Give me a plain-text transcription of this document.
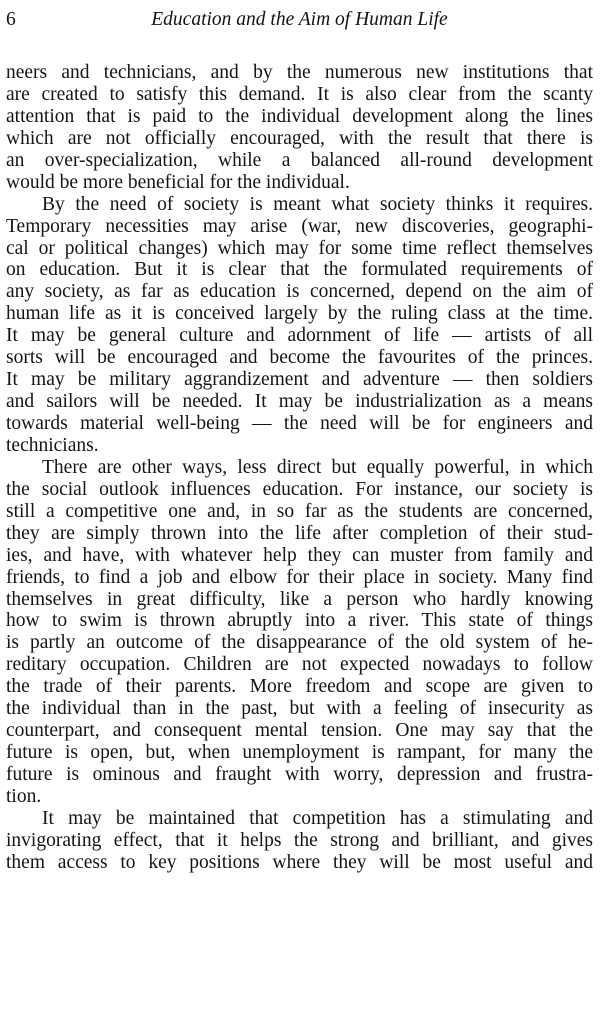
6	Education and the Aim of Human Life
neers and technicians, and by the numerous new institutions that
are created to satisfy this demand. It is also clear from the scanty
attention that is paid to the individual development along the lines
which are not officially encouraged, with the result that there is
an over-specialization, while a balanced all-round development
would be more beneficial for the individual.
By the need of society is meant what society thinks it requires.
Temporary necessities may arise (war, new discoveries, geographi-
cal or political changes) which may for some time reflect themselves
on education. But it is clear that the formulated requirements of
any society, as far as education is concerned, depend on the aim of
human life as it is conceived largely by the ruling class at the time.
It may be general culture and adornment of life — artists of all
sorts will be encouraged and become the favourites of the princes.
It may be military aggrandizement and adventure — then soldiers
and sailors will be needed. It may be industrialization as a means
towards material well-being — the need will be for engineers and
technicians.
There are other ways, less direct but equally powerful, in which
the social outlook influences education. For instance, our society is
still a competitive one and, in so far as the students are concerned,
they are simply thrown into the life after completion of their stud-
ies, and have, with whatever help they can muster from family and
friends, to find a job and elbow for their place in society. Many find
themselves in great difficulty, like a person who hardly knowing
how to swim is thrown abruptly into a river. This state of things
is partly an outcome of the disappearance of the old system of he-
reditary occupation. Children are not expected nowadays to follow
the trade of their parents. More freedom and scope are given to
the individual than in the past, but with a feeling of insecurity as
counterpart, and consequent mental tension. One may say that the
future is open, but, when unemployment is rampant, for many the
future is ominous and fraught with worry, depression and frustra-
tion.
It may be maintained that competition has a stimulating and
invigorating effect, that it helps the strong and brilliant, and gives
them access to key positions where they will be most useful and
